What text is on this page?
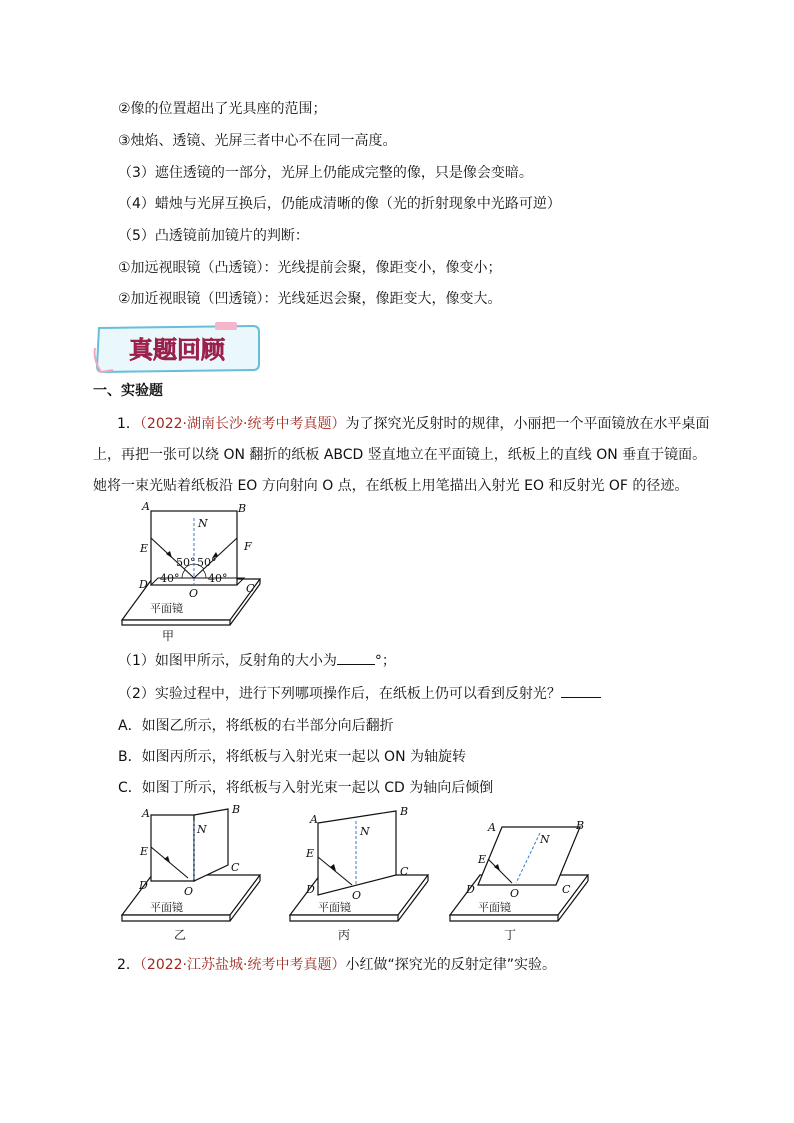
②像的位置超出了光具座的范围；
③烛焰、透镜、光屏三者中心不在同一高度。
（3）遮住透镜的一部分，光屏上仍能成完整的像，只是像会变暗。
（4）蜡烛与光屏互换后，仍能成清晰的像（光的折射现象中光路可逆）
（5）凸透镜前加镜片的判断：
①加远视眼镜（凸透镜）：光线提前会聚，像距变小，像变小；
②加近视眼镜（凹透镜）：光线延迟会聚，像距变大，像变大。
真题回顾
一、实验题
1．（2022·湖南长沙·统考中考真题）为了探究光反射时的规律，小丽把一个平面镜放在水平桌面
上，再把一张可以绕 ON 翻折的纸板 ABCD 竖直地立在平面镜上，纸板上的直线 ON 垂直于镜面。
她将一束光贴着纸板沿 EO 方向射向 O 点，在纸板上用笔描出入射光 EO 和反射光 OF 的径迹。
A	B
N
E	F
D	C
O
50° 50°
40°	40°
平面镜
甲
（1）如图甲所示，反射角的大小为	°；
（2）实验过程中，进行下列哪项操作后，在纸板上仍可以看到反射光？
A．如图乙所示，将纸板的右半部分向后翻折
B．如图丙所示，将纸板与入射光束一起以 ON 为轴旋转
C．如图丁所示，将纸板与入射光束一起以 CD 为轴向后倾倒
A	B
N
E
D
C
O
平面镜
乙
A
B
N
E
D
C
O
平面镜
丙
A	B
N
E
D	C
O
平面镜
丁
2．（2022·江苏盐城·统考中考真题）小红做“探究光的反射定律”实验。
